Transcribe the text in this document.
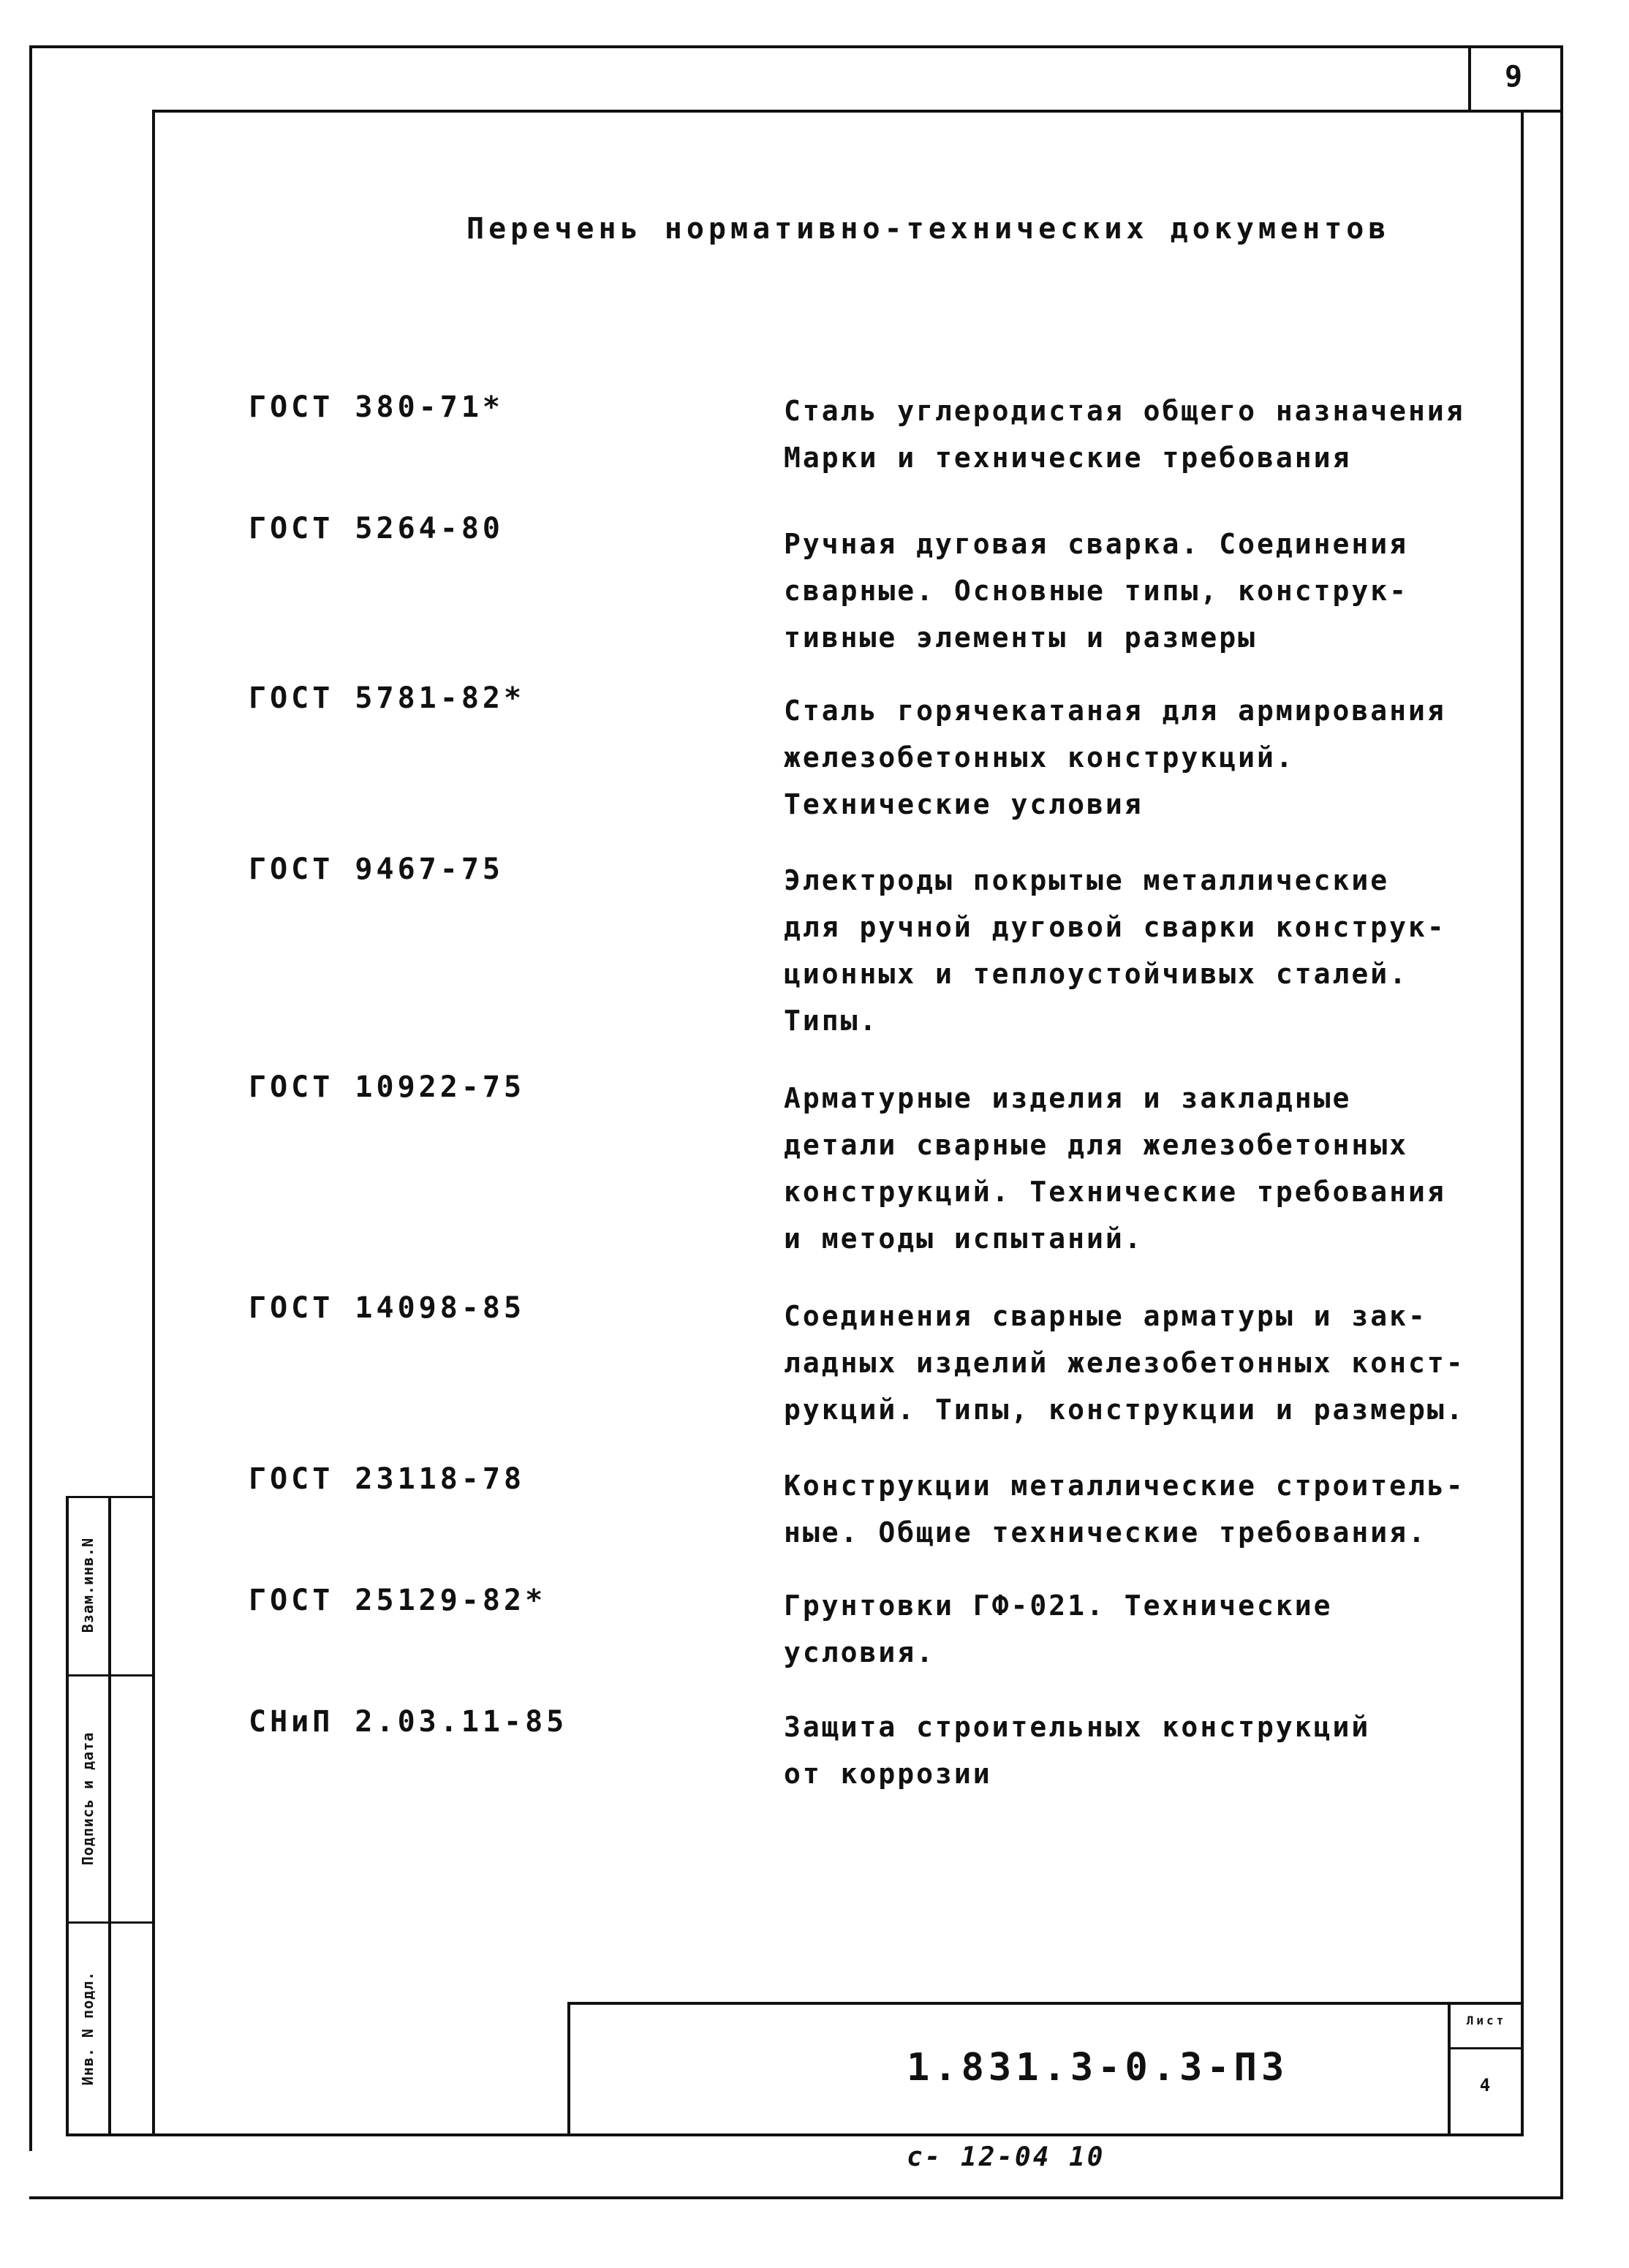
9
Перечень нормативно-технических документов
ГОСТ 380-71*	Сталь углеродистая общего назначения
Марки и технические требования
ГОСТ 5264-80	Ручная дуговая сварка. Соединения
сварные. Основные типы, конструк-
тивные элементы и размеры
ГОСТ 5781-82*	Сталь горячекатаная для армирования
железобетонных конструкций.
Технические условия
ГОСТ 9467-75	Электроды покрытые металлические
для ручной дуговой сварки конструк-
ционных и теплоустойчивых сталей.
Типы.
ГОСТ 10922-75	Арматурные изделия и закладные
детали сварные для железобетонных
конструкций. Технические требования
и методы испытаний.
ГОСТ 14098-85	Соединения сварные арматуры и зак-
ладных изделий железобетонных конст-
рукций. Типы, конструкции и размеры.
ГОСТ 23118-78	Конструкции металлические строитель-
ные. Общие технические требования.
ГОСТ 25129-82*	Грунтовки ГФ-021. Технические
условия.
СНиП 2.03.11-85	Защита строительных конструкций
от коррозии
Взам.инв.N
Подпись и дата
Инв. N подл.	1.831.3-0.3-ПЗ
Лист
4
с- 12-04 10
